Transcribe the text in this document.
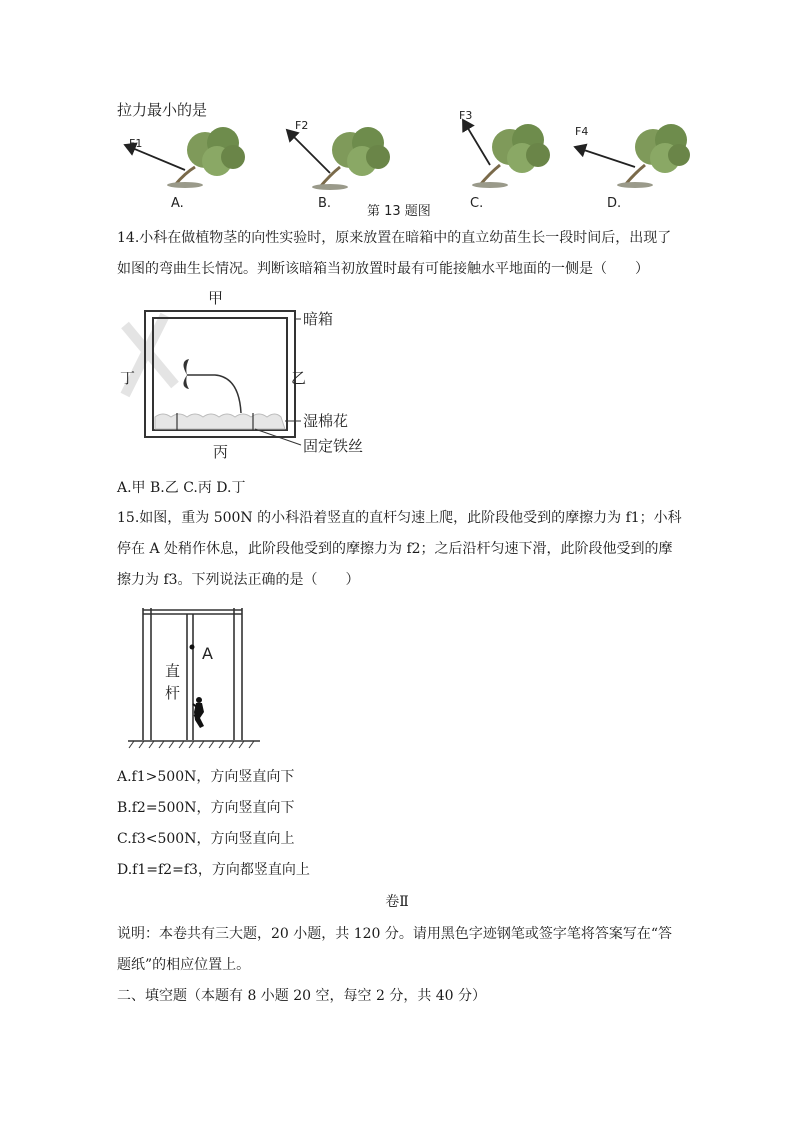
拉力最小的是
F1
A.
F2
B.
第 13 题图
F3
C.
F4
D.
14.小科在做植物茎的向性实验时，原来放置在暗箱中的直立幼苗生长一段时间后，出现了
如图的弯曲生长情况。判断该暗箱当初放置时最有可能接触水平地面的一侧是（　　）
甲
乙
丙
丁
暗箱
湿棉花
固定铁丝
A.甲 B.乙 C.丙 D.丁
15.如图，重为 500N 的小科沿着竖直的直杆匀速上爬，此阶段他受到的摩擦力为 f1；小科
停在 A 处稍作休息，此阶段他受到的摩擦力为 f2；之后沿杆匀速下滑，此阶段他受到的摩
擦力为 f3。下列说法正确的是（　　）
A
直
杆
A.f1>500N，方向竖直向下
B.f2=500N，方向竖直向下
C.f3<500N，方向竖直向上
D.f1=f2=f3，方向都竖直向上
卷Ⅱ
说明：本卷共有三大题，20 小题，共 120 分。请用黑色字迹钢笔或签字笔将答案写在“答
题纸”的相应位置上。
二、填空题（本题有 8 小题 20 空，每空 2 分，共 40 分）
